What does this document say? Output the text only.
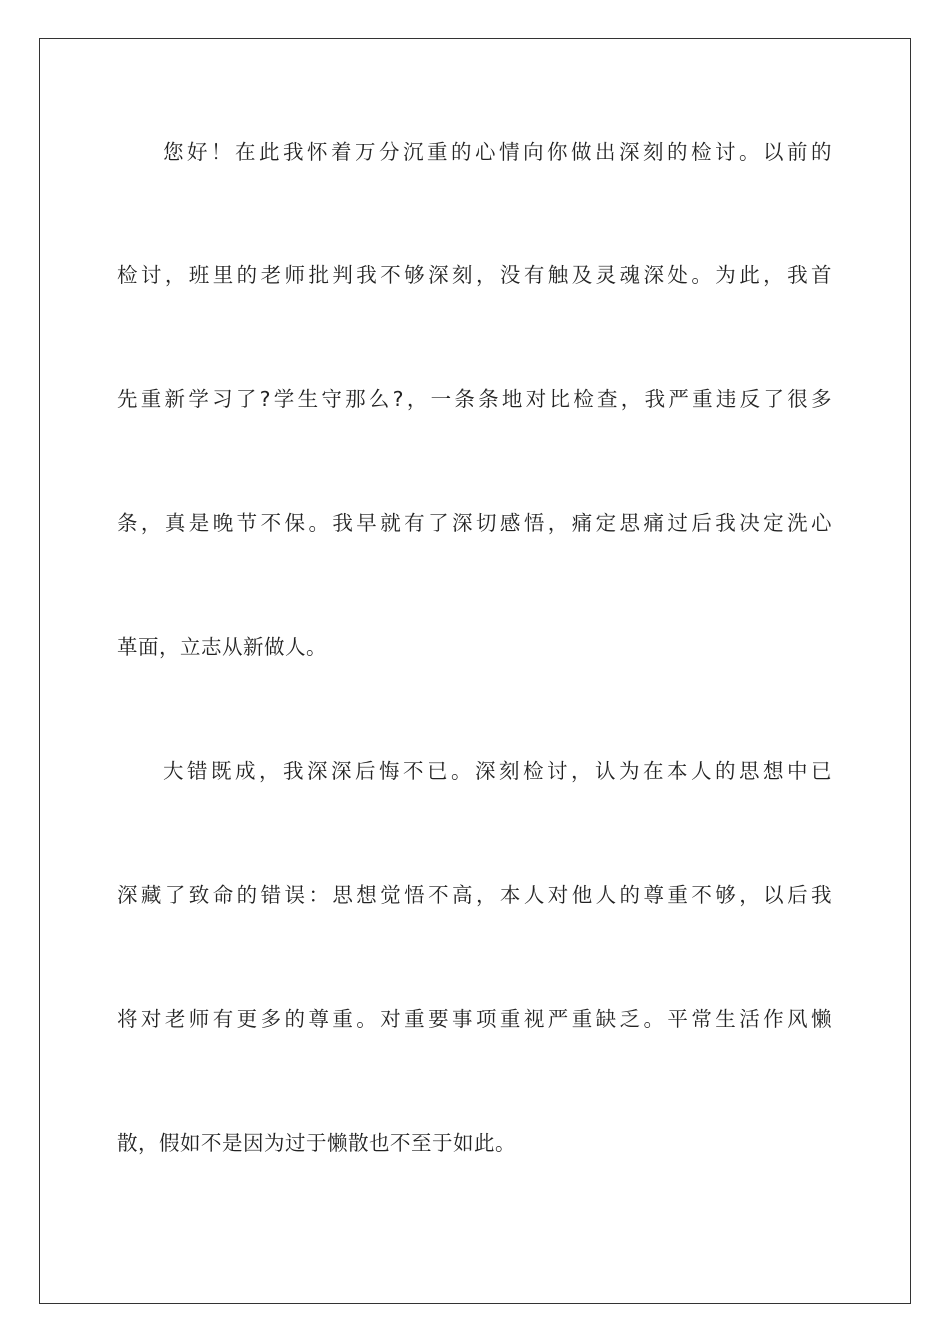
您好！在此我怀着万分沉重的心情向你做出深刻的检讨。以前的
检讨，班里的老师批判我不够深刻，没有触及灵魂深处。为此，我首
先重新学习了?学生守那么?，一条条地对比检查，我严重违反了很多
条，真是晚节不保。我早就有了深切感悟，痛定思痛过后我决定洗心
革面，立志从新做人。
大错既成，我深深后悔不已。深刻检讨，认为在本人的思想中已
深藏了致命的错误：思想觉悟不高，本人对他人的尊重不够，以后我
将对老师有更多的尊重。对重要事项重视严重缺乏。平常生活作风懒
散，假如不是因为过于懒散也不至于如此。
